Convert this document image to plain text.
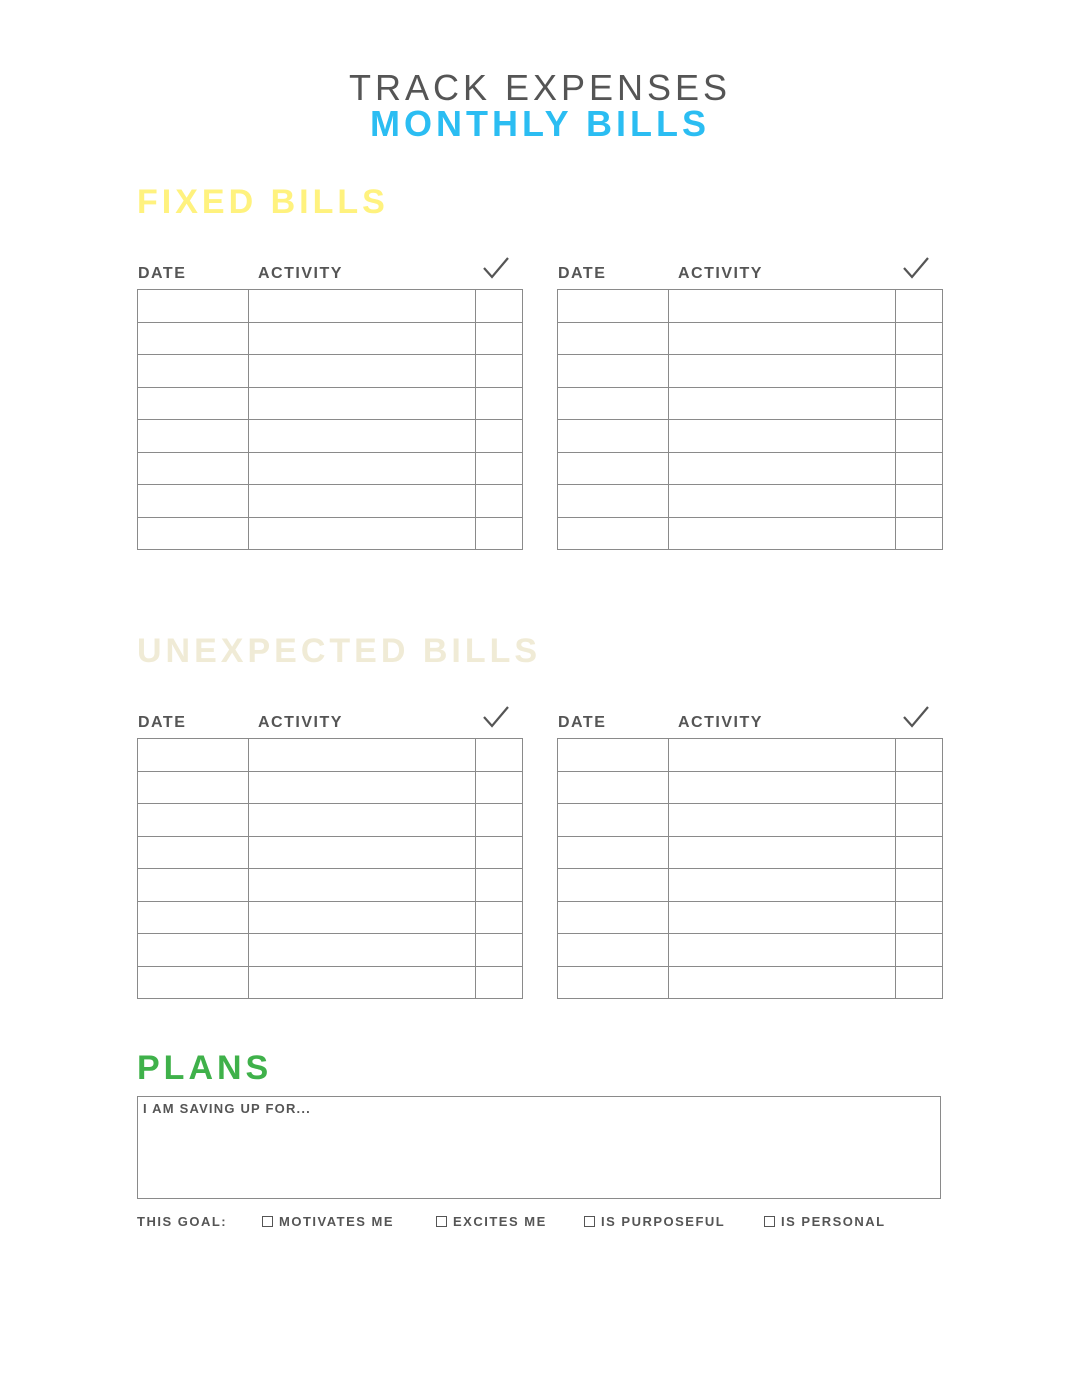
TRACK EXPENSES
MONTHLY BILLS
FIXED BILLS
DATE	ACTIVITY

			DATE	ACTIVITY

UNEXPECTED BILLS
DATE	ACTIVITY

			DATE	ACTIVITY

PLANS
I AM SAVING UP FOR...
THIS GOAL:	MOTIVATES ME	EXCITES ME	IS PURPOSEFUL	IS PERSONAL
